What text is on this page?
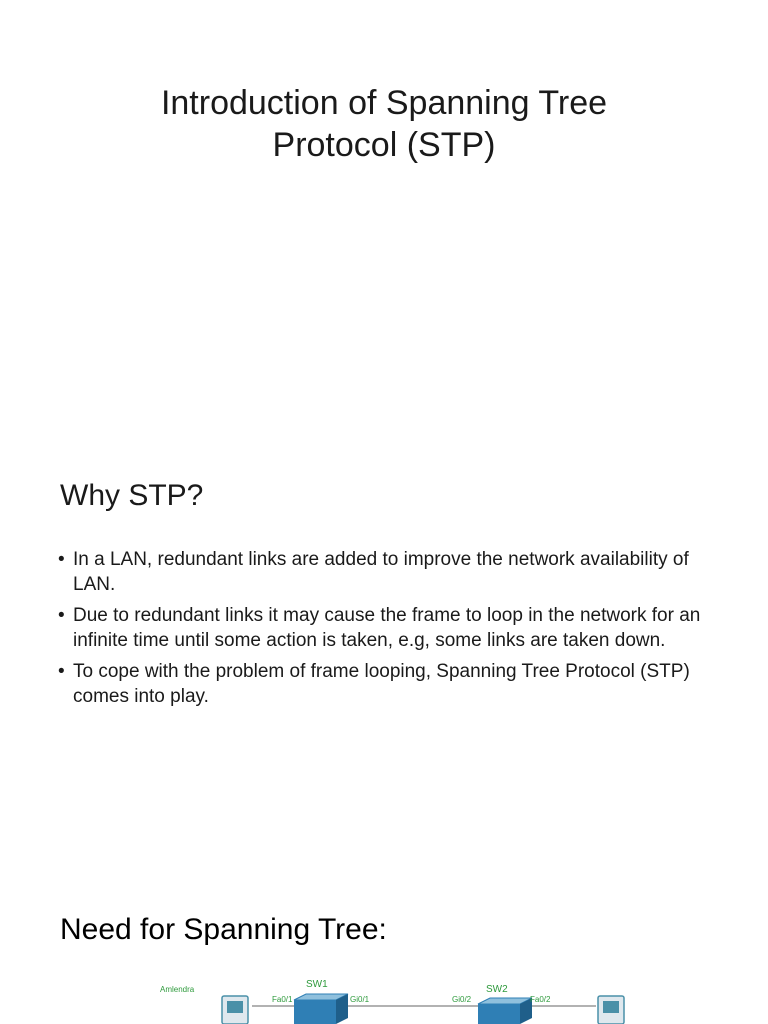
Introduction of Spanning Tree
Protocol (STP)
Why STP?
• In a LAN, redundant links are added to improve the network availability of LAN.
• Due to redundant links it may cause the frame to loop in the network for an infinite time until some action is taken, e.g, some links are taken down.
• To cope with the problem of frame looping, Spanning Tree Protocol (STP) comes into play.
Need for Spanning Tree:
Amlendra	SW1
Fa0/1	Gi0/1
SW2
Gi0/2	Fa0/2
